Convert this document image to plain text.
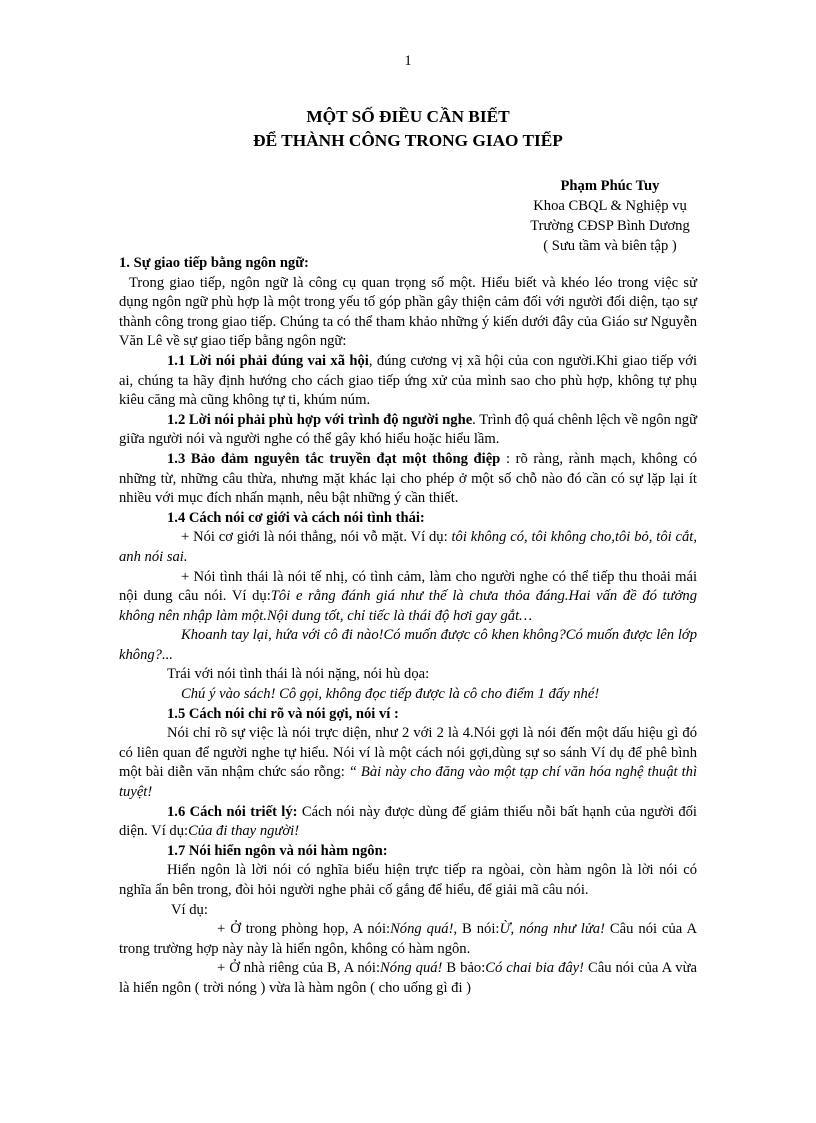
1
MỘT SỐ ĐIỀU CẦN BIẾT
ĐỂ THÀNH CÔNG TRONG GIAO TIẾP
Phạm Phúc Tuy
Khoa CBQL & Nghiệp vụ
Trường CĐSP Bình Dương
( Sưu tầm và biên tập )

1. Sự giao tiếp bằng ngôn ngữ:

Trong giao tiếp, ngôn ngữ là công cụ quan trọng số một. Hiểu biết và khéo léo trong việc sử dụng ngôn ngữ phù hợp là một trong yếu tố góp phần gây thiện cảm đối với người đối diện, tạo sự thành công trong giao tiếp. Chúng ta có thể tham khảo những ý kiến dưới đây của Giáo sư Nguyễn Văn Lê về sự giao tiếp bằng ngôn ngữ:

1.1 Lời nói phải đúng vai xã hội, đúng cương vị xã hội của con người.Khi giao tiếp với ai, chúng ta hãy định hướng cho cách giao tiếp ứng xử của mình sao cho phù hợp, không tự phụ kiêu căng mà cũng không tự ti, khúm núm.

1.2 Lời nói phải phù hợp với trình độ người nghe. Trình độ quá chênh lệch về ngôn ngữ giữa người nói và người nghe có thể gây khó hiểu hoặc hiểu lầm.

1.3 Bảo đảm nguyên tắc truyền đạt một thông điệp : rõ ràng, rành mạch, không có những từ, những câu thừa, nhưng mặt khác lại cho phép ở một số chỗ nào đó cần có sự lặp lại ít nhiều với mục đích nhấn mạnh, nêu bật những ý cần thiết.

1.4 Cách nói cơ giới và cách nói tình thái:

+ Nói cơ giới là nói thẳng, nói vỗ mặt. Ví dụ: tôi không có, tôi không cho,tôi bỏ, tôi cắt, anh nói sai.

+ Nói tình thái là nói tế nhị, có tình cảm, làm cho người nghe có thể tiếp thu thoải mái nội dung câu nói. Ví dụ:Tôi e rằng đánh giá như thế là chưa thỏa đáng.Hai vấn đề đó tưởng không nên nhập làm một.Nội dung tốt, chỉ tiếc là thái độ hơi gay gắt…

Khoanh tay lại, hứa với cô đi nào!Có muốn được cô khen không?Có muốn được lên lớp không?...

Trái với nói tình thái là nói nặng, nói hù dọa:

Chú ý vào sách! Cô gọi, không đọc tiếp được là cô cho điểm 1 đấy nhé!

1.5 Cách nói chỉ rõ và nói gợi, nói ví :

Nói chỉ rõ sự việc là nói trực diện, như 2 với 2 là 4.Nói gợi là nói đến một dấu hiệu gì đó có liên quan để người nghe tự hiểu. Nói ví là một cách nói gợi,dùng sự so sánh Ví dụ để phê bình một bài diễn văn nhậm chức sáo rỗng: “ Bài này cho đăng vào một tạp chí văn hóa nghệ thuật thì tuyệt!

1.6 Cách nói triết lý: Cách nói này được dùng để giảm thiểu nỗi bất hạnh của người đối diện. Ví dụ:Của đi thay người!

1.7 Nói hiển ngôn và nói hàm ngôn:

Hiển ngôn là lời nói có nghĩa biểu hiện trực tiếp ra ngòai, còn hàm ngôn là lời nói có nghĩa ẩn bên trong, đòi hỏi người nghe phải cố gắng để hiểu, để giải mã câu nói.

Ví dụ:

+ Ở trong phòng họp, A nói:Nóng quá!, B nói:Ừ, nóng như lửa! Câu nói của A trong trường hợp này này là hiển ngôn, không có hàm ngôn.

+ Ở nhà riêng của B, A nói:Nóng quá! B bảo:Có chai bia đây! Câu nói của A vừa là hiển ngôn ( trời nóng ) vừa là hàm ngôn ( cho uống gì đi )
